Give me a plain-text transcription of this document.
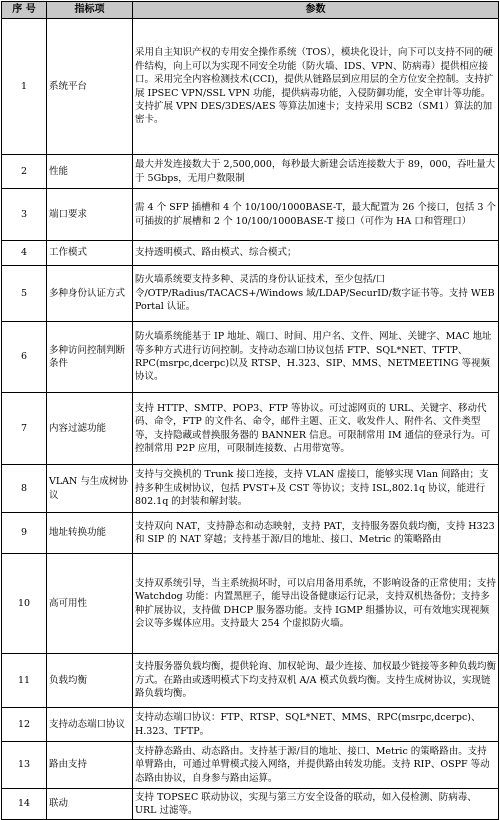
序 号	指标项	参数
1	系统平台	采用自主知识产权的专用安全操作系统（TOS），模块化设计，向下可以支持不同的硬件结构，向上可以为实现不同安全功能（防火墙、IDS、VPN、防病毒）提供相应接口。采用完全内容检测技术(CCI)，提供从链路层到应用层的全方位安全控制。支持扩展 IPSEC VPN/SSL VPN 功能，提供病毒功能，入侵防御功能，安全审计等功能。支持扩展 VPN DES/3DES/AES 等算法加速卡；支持采用 SCB2（SM1）算法的加密卡。
2	性能	最大并发连接数大于 2,500,000，每秒最大新建会话连接数大于 89，000，吞吐量大于 5Gbps，无用户数限制
3	端口要求	需 4 个 SFP 插槽和 4 个 10/100/1000BASE-T，最大配置为 26 个接口，包括 3 个可插拔的扩展槽和 2 个 10/100/1000BASE-T 接口（可作为 HA 口和管理口）
4	工作模式	支持透明模式、路由模式、综合模式；
5	多种身份认证方式	防火墙系统要支持多种、灵活的身份认证技术，至少包括/口令/OTP/Radius/TACACS+/Windows 域/LDAP/SecurID/数字证书等。支持 WEB Portal 认证。
6	多种访问控制判断条件	防火墙系统能基于 IP 地址、端口、时间、用户名、文件、网址、关键字、MAC 地址等多种方式进行访问控制。支持动态端口协议包括 FTP、SQL*NET、TFTP、RPC(msrpc,dcerpc)以及 RTSP、H.323、SIP、MMS、NETMEETING 等视频协议。
7	内容过滤功能	支持 HTTP、SMTP、POP3、FTP 等协议。可过滤网页的 URL、关键字、移动代码、命令，FTP 的文件名、命令，邮件主题、正文、收发件人、附件名、文件类型等，支持隐藏或替换服务器的 BANNER 信息。可限制常用 IM 通信的登录行为。可控制常用 P2P 应用，可限制连接数、占用带宽等。
8	VLAN 与生成树协议	支持与交换机的 Trunk 接口连接，支持 VLAN 虚接口，能够实现 Vlan 间路由；支持多种生成树协议，包括 PVST+及 CST 等协议；支持 ISL,802.1q 协议，能进行 802.1q 的封装和解封装。
9	地址转换功能	支持双向 NAT，支持静态和动态映射，支持 PAT，支持服务器负载均衡，支持 H323 和 SIP 的 NAT 穿越；支持基于源/目的地址、接口、Metric 的策略路由
10	高可用性	支持双系统引导，当主系统损坏时，可以启用备用系统，不影响设备的正常使用；支持 Watchdog 功能：内置黑匣子，能导出设备健康运行记录，支持双机热备份；支持多种扩展协议，支持做 DHCP 服务器功能。支持 IGMP 组播协议，可有效地实现视频会议等多媒体应用。支持最大 254 个虚拟防火墙。
11	负载均衡	支持服务器负载均衡，提供轮询、加权轮询、最少连接、加权最少链接等多种负载均衡方式。在路由或透明模式下均支持双机 A/A 模式负载均衡。支持生成树协议，实现链路负载均衡。
12	支持动态端口协议	支持动态端口协议：FTP、RTSP、SQL*NET、MMS、RPC(msrpc,dcerpc)、H.323、TFTP。
13	路由支持	支持静态路由、动态路由。支持基于源/目的地址、接口、Metric 的策略路由。支持单臂路由，可通过单臂模式接入网络，并提供路由转发功能。支持 RIP、OSPF 等动态路由协议，自身参与路由运算。
14	联动	支持 TOPSEC 联动协议，实现与第三方安全设备的联动，如入侵检测、防病毒、URL 过滤等。
